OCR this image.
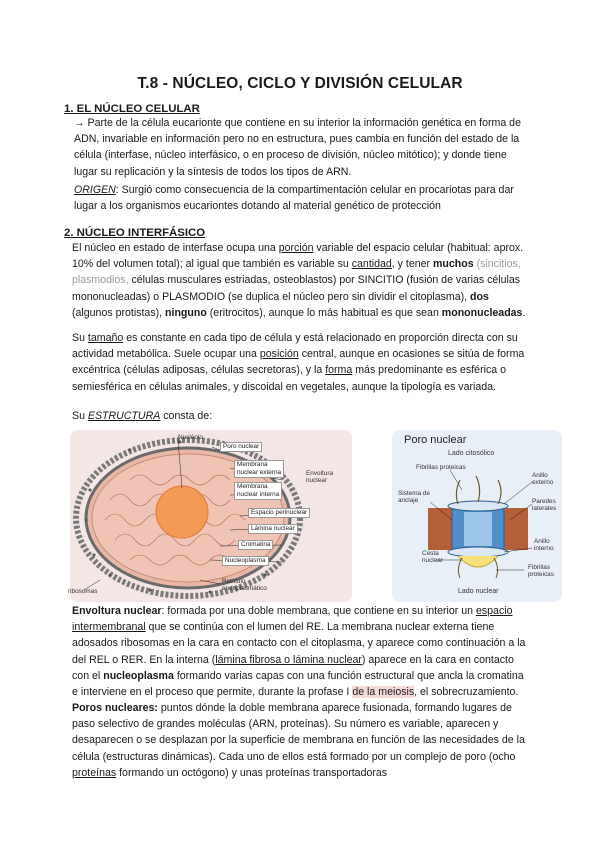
T.8 - NÚCLEO, CICLO Y DIVISIÓN CELULAR
1. EL NÚCLEO CELULAR

→ Parte de la célula eucarionte que contiene en su interior la información genética en forma de ADN, invariable en información pero no en estructura, pues cambia en función del estado de la célula (interfase, núcleo interfásico, o en proceso de división, núcleo mitótico); y donde tiene lugar su replicación y la síntesis de todos los tipos de ARN.

ORIGEN: Surgió como consecuencia de la compartimentación celular en procariotas para dar lugar a los organismos eucariontes dotando al material genético de protección

2. NÚCLEO INTERFÁSICO

El núcleo en estado de interfase ocupa una porción variable del espacio celular (habitual: aprox. 10% del volumen total); al igual que también es variable su cantidad, y tener muchos (sincitios, plasmodios, células musculares estriadas, osteoblastos) por SINCITIO (fusión de varias células mononucleadas) o PLASMODIO (se duplica el núcleo pero sin dividir el citoplasma), dos (algunos protistas), ninguno (eritrocitos), aunque lo más habitual es que sean mononucleadas.

Su tamaño es constante en cada tipo de célula y está relacionado en proporción directa con su actividad metabólica. Suele ocupar una posición central, aunque en ocasiones se sitúa de forma excéntrica (células adiposas, células secretoras), y la forma más predominante es esférica o semiesférica en células animales, y discoidal en vegetales, aunque la tipología es variada.

Su ESTRUCTURA consta de:

Nucléolo
Poro nuclear
Membrana
nuclear externa
Membrana
nuclear interna
Envoltura
nuclear
Espacio perinuclear
Lámina nuclear
Cromatina
Nucleoplasma
Retículo
endoplasmático
ribosomas
Poro nuclear
Lado citosólico
Fibrillas proteicas
Anillo
externo
Sistema de
anclaje	Paredes
laterales
Anillo
interno
Cesta
nuclear
Fibrillas
proteicas
Lado nuclear

Envoltura nuclear: formada por una doble membrana, que contiene en su interior un espacio intermembranal que se continúa con el lumen del RE. La membrana nuclear externa tiene adosados ribosomas en la cara en contacto con el citoplasma, y aparece como continuación a la del REL o RER. En la interna (lámina fibrosa o lámina nuclear) aparece en la cara en contacto con el nucleoplasma formando varias capas con una función estructural que ancla la cromatina e interviene en el proceso que permite, durante la profase I de la meiosis, el sobrecruzamiento.

Poros nucleares: puntos dónde la doble membrana aparece fusionada, formando lugares de paso selectivo de grandes moléculas (ARN, proteínas). Su número es variable, aparecen y desaparecen o se desplazan por la superficie de membrana en función de las necesidades de la célula (estructuras dinámicas). Cada uno de ellos está formado por un complejo de poro (ocho proteínas formando un octógono) y unas proteínas transportadoras
